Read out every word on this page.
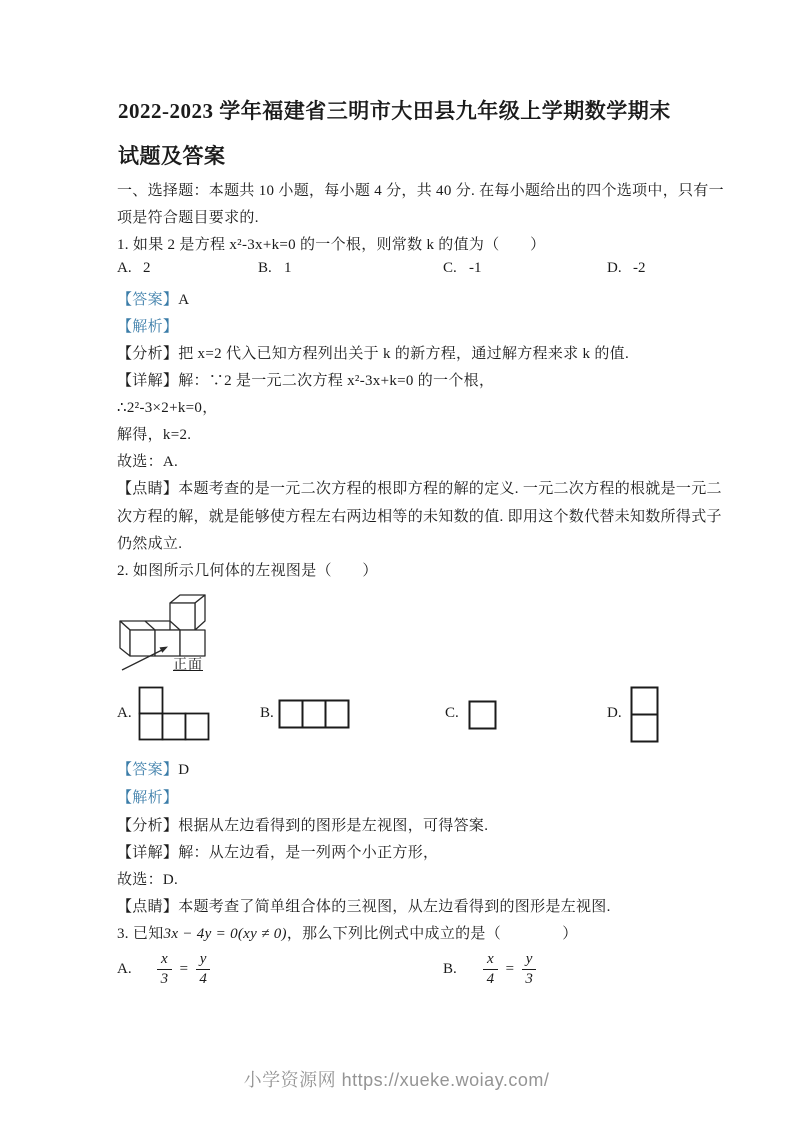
2022-2023 学年福建省三明市大田县九年级上学期数学期末
试题及答案
一、选择题：本题共 10 小题，每小题 4 分，共 40 分. 在每小题给出的四个选项中，只有一
项是符合题目要求的.
1. 如果 2 是方程 x²-3x+k=0 的一个根，则常数 k 的值为（　　）
A. 2	B. 1	C. -1	D. -2
【答案】A
【解析】
【分析】把 x=2 代入已知方程列出关于 k 的新方程，通过解方程来求 k 的值.
【详解】解：∵2 是一元二次方程 x²-3x+k=0 的一个根，
∴2²-3×2+k=0，
解得，k=2.
故选：A.
【点睛】本题考查的是一元二次方程的根即方程的解的定义. 一元二次方程的根就是一元二
次方程的解，就是能够使方程左右两边相等的未知数的值. 即用这个数代替未知数所得式子
仍然成立.
2. 如图所示几何体的左视图是（　　）
正面
A.	B.	C.	D.
【答案】D
【解析】
【分析】根据从左边看得到的图形是左视图，可得答案.
【详解】解：从左边看，是一列两个小正方形，
故选：D.
【点睛】本题考查了简单组合体的三视图，从左边看得到的图形是左视图.
3. 已知3x − 4y = 0(xy ≠ 0)，那么下列比例式中成立的是（　　　　）
A.	$\frac{x}{3} = \frac{y}{4}$	B.	$\frac{x}{4} = \frac{y}{3}$
小学资源网 https://xueke.woiay.com/
